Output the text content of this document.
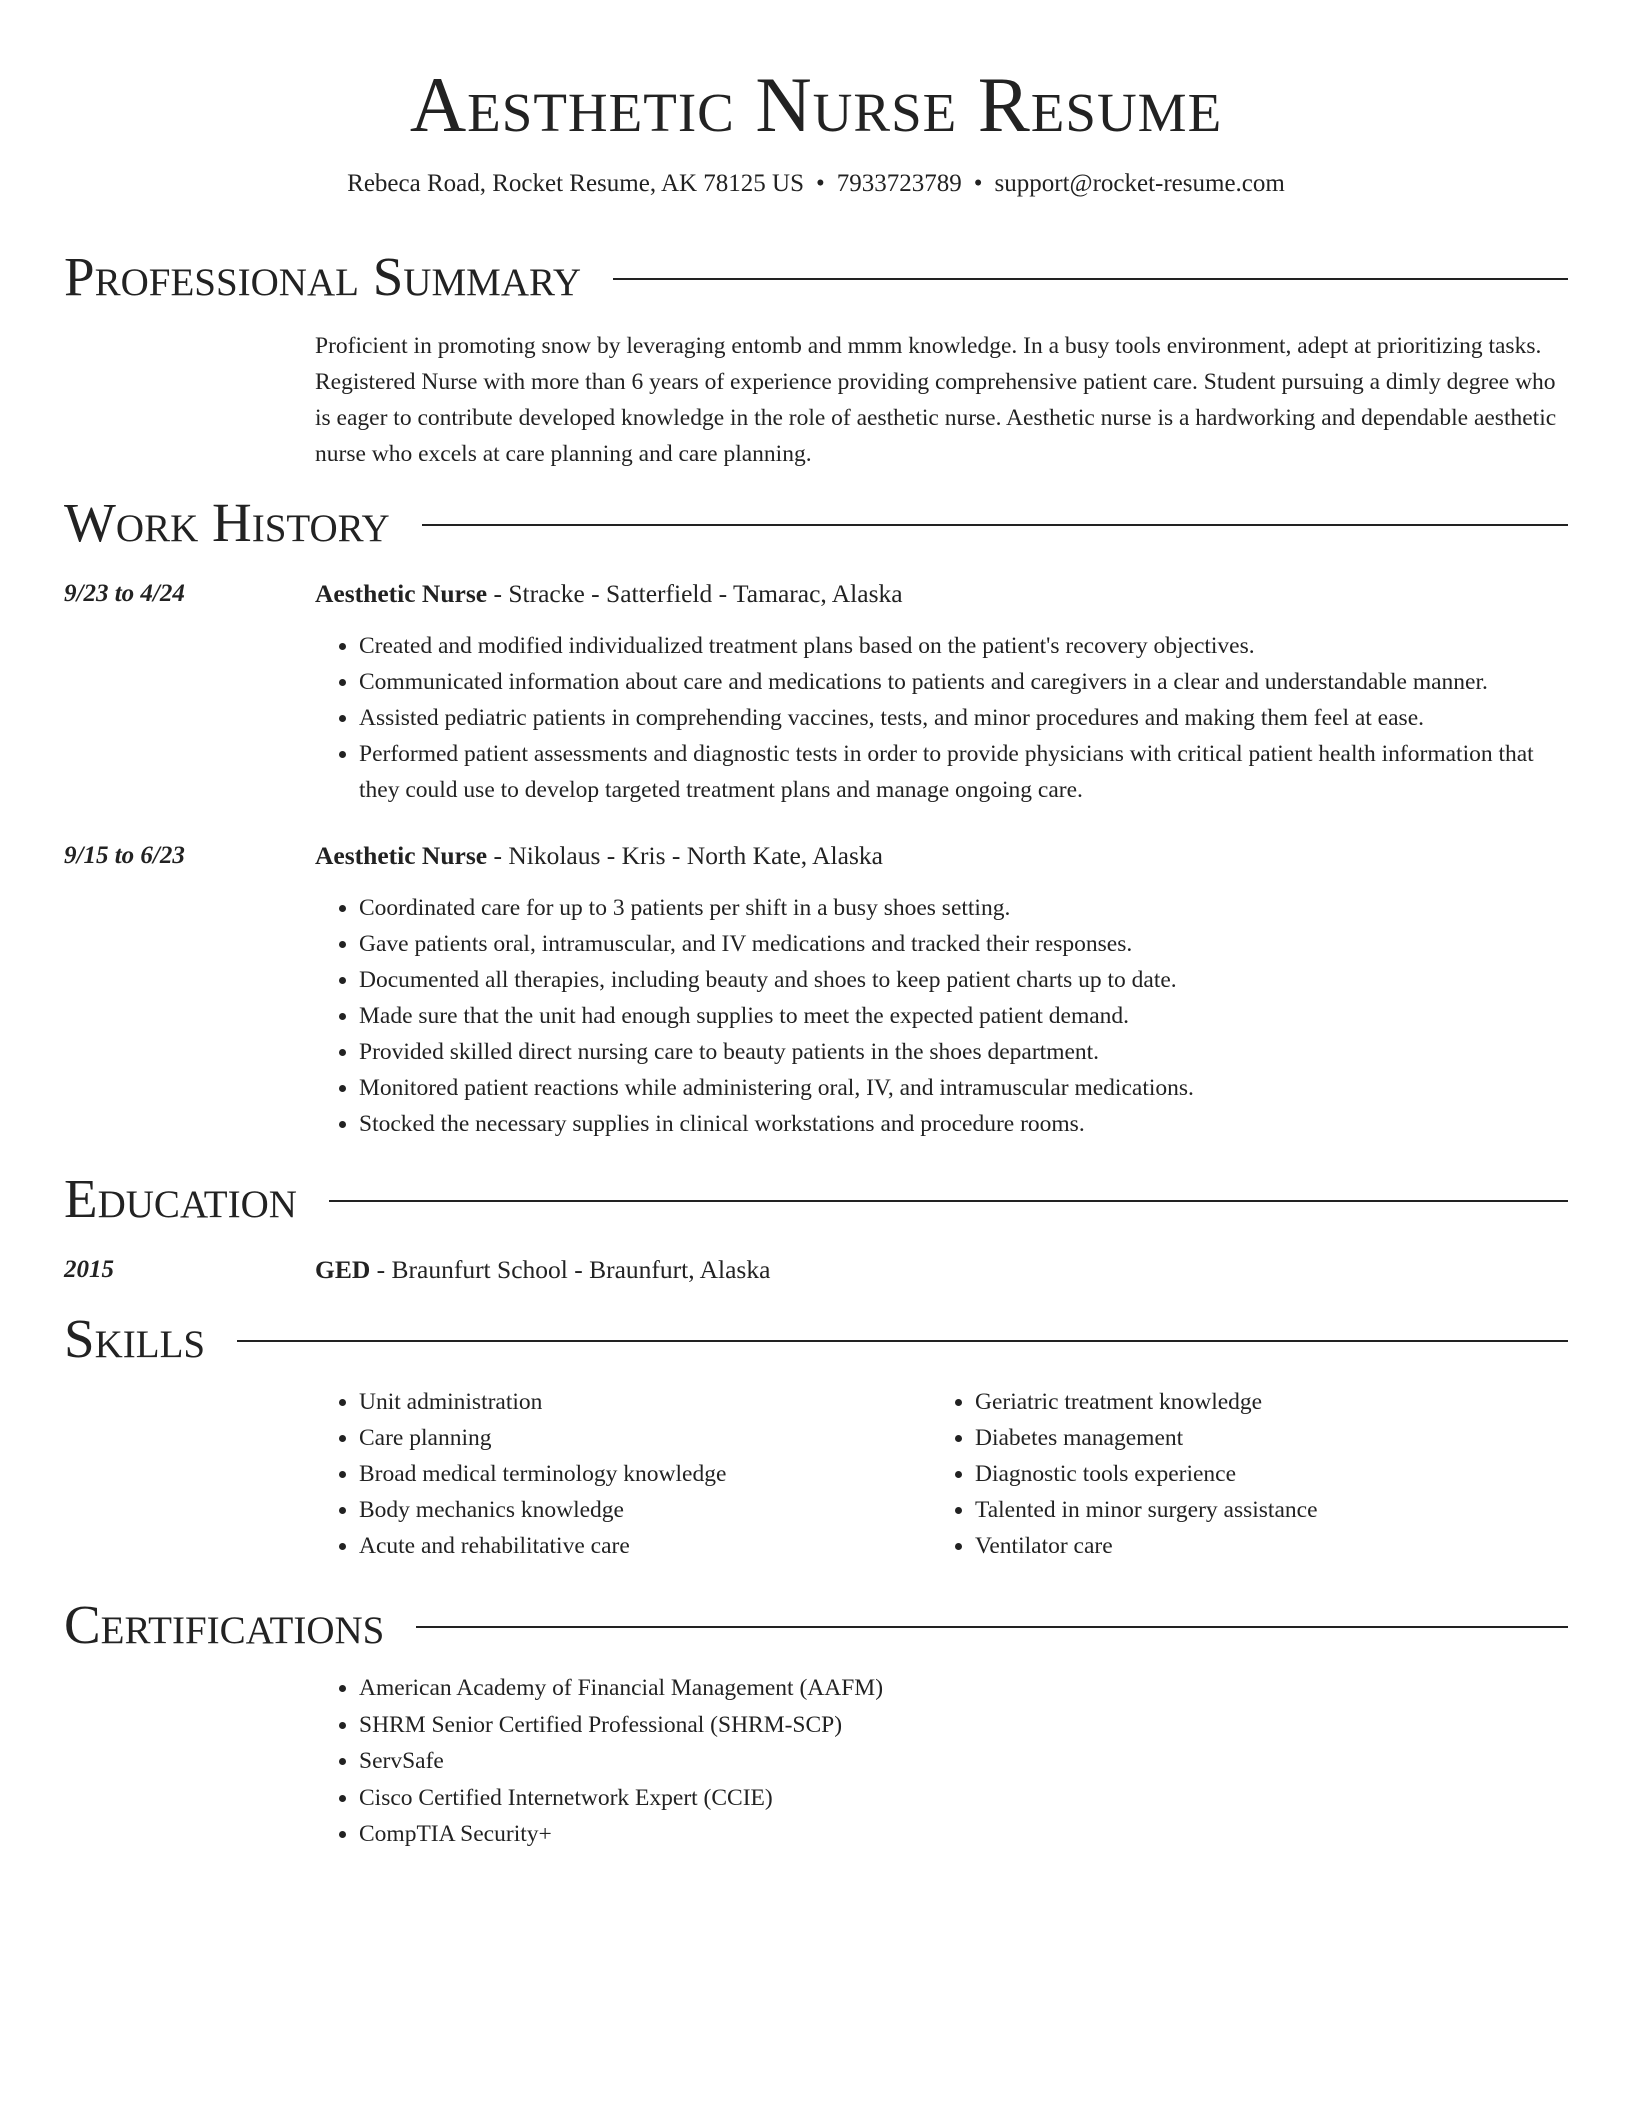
Aesthetic Nurse Resume
Rebeca Road, Rocket Resume, AK 78125 US • 7933723789 • support@rocket-resume.com
Professional Summary
Proficient in promoting snow by leveraging entomb and mmm knowledge. In a busy tools environment, adept at prioritizing tasks. Registered Nurse with more than 6 years of experience providing comprehensive patient care. Student pursuing a dimly degree who is eager to contribute developed knowledge in the role of aesthetic nurse. Aesthetic nurse is a hardworking and dependable aesthetic nurse who excels at care planning and care planning.
Work History
9/23 to 4/24	Aesthetic Nurse - Stracke - Satterfield - Tamarac, Alaska
• Created and modified individualized treatment plans based on the patient's recovery objectives.
• Communicated information about care and medications to patients and caregivers in a clear and understandable manner.
• Assisted pediatric patients in comprehending vaccines, tests, and minor procedures and making them feel at ease.
• Performed patient assessments and diagnostic tests in order to provide physicians with critical patient health information that they could use to develop targeted treatment plans and manage ongoing care.
9/15 to 6/23	Aesthetic Nurse - Nikolaus - Kris - North Kate, Alaska
• Coordinated care for up to 3 patients per shift in a busy shoes setting.
• Gave patients oral, intramuscular, and IV medications and tracked their responses.
• Documented all therapies, including beauty and shoes to keep patient charts up to date.
• Made sure that the unit had enough supplies to meet the expected patient demand.
• Provided skilled direct nursing care to beauty patients in the shoes department.
• Monitored patient reactions while administering oral, IV, and intramuscular medications.
• Stocked the necessary supplies in clinical workstations and procedure rooms.
Education
2015	GED - Braunfurt School - Braunfurt, Alaska
Skills
• Unit administration
• Care planning
• Broad medical terminology knowledge
• Body mechanics knowledge
• Acute and rehabilitative care
• Geriatric treatment knowledge
• Diabetes management
• Diagnostic tools experience
• Talented in minor surgery assistance
• Ventilator care
Certifications
• American Academy of Financial Management (AAFM)
• SHRM Senior Certified Professional (SHRM-SCP)
• ServSafe
• Cisco Certified Internetwork Expert (CCIE)
• CompTIA Security+
